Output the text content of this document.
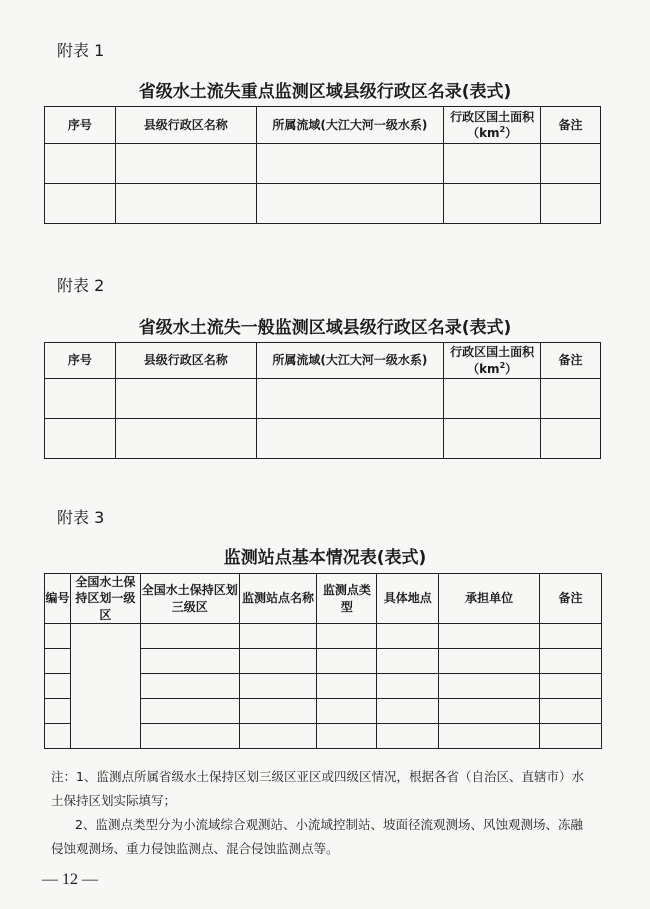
附表 1
省级水土流失重点监测区域县级行政区名录(表式)
序号	县级行政区名称	所属流域(大江大河一级水系)	行政区国土面积$(km^2)$	备注

附表 2
省级水土流失一般监测区域县级行政区名录(表式)
序号	县级行政区名称	所属流域(大江大河一级水系)	行政区国土面积$(km^2)$	备注

附表 3
监测站点基本情况表(表式)
编号	全国水土保持区划一级区	全国水土保持区划三级区	监测站点名称	监测点类型	具体地点	承担单位	备注

注：1、监测点所属省级水土保持区划三级区亚区或四级区情况，根据各省（自治区、直辖市）水土保持区划实际填写；

2、监测点类型分为小流域综合观测站、小流域控制站、坡面径流观测场、风蚀观测场、冻融侵蚀观测场、重力侵蚀监测点、混合侵蚀监测点等。

— 12 —
